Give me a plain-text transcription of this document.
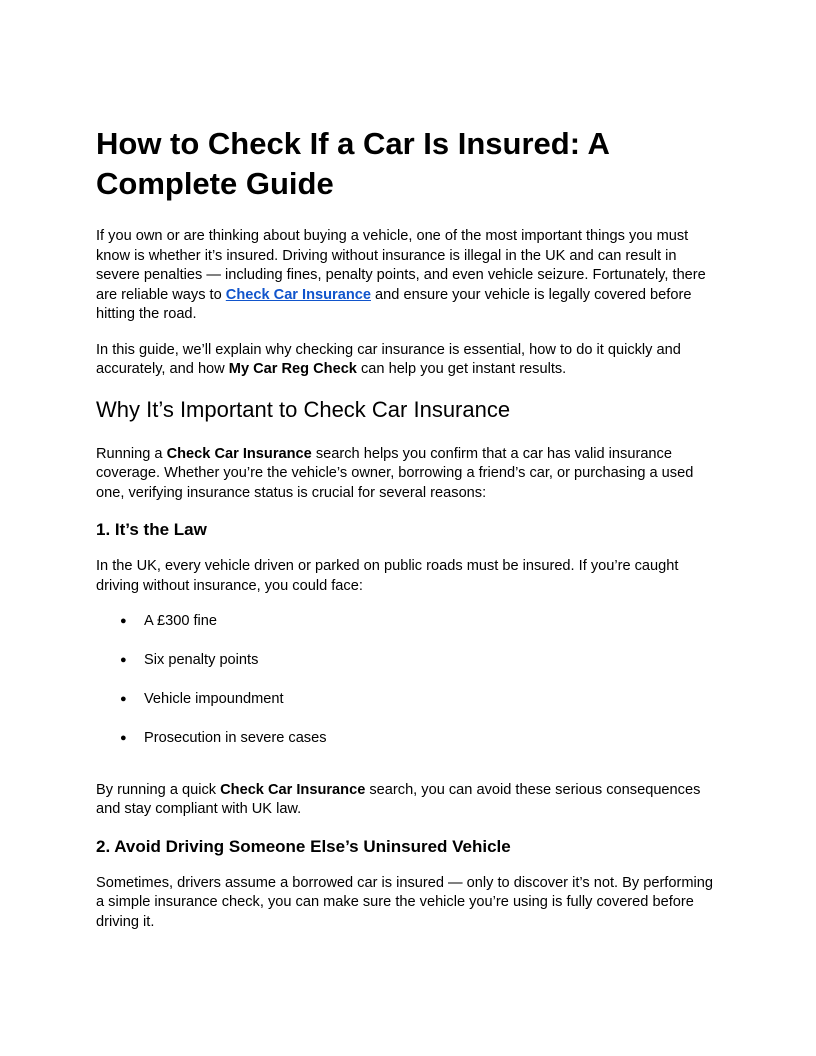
How to Check If a Car Is Insured: A Complete Guide

If you own or are thinking about buying a vehicle, one of the most important things you must know is whether it’s insured. Driving without insurance is illegal in the UK and can result in severe penalties — including fines, penalty points, and even vehicle seizure. Fortunately, there are reliable ways to Check Car Insurance and ensure your vehicle is legally covered before hitting the road.

In this guide, we’ll explain why checking car insurance is essential, how to do it quickly and accurately, and how My Car Reg Check can help you get instant results.

Why It’s Important to Check Car Insurance

Running a Check Car Insurance search helps you confirm that a car has valid insurance coverage. Whether you’re the vehicle’s owner, borrowing a friend’s car, or purchasing a used one, verifying insurance status is crucial for several reasons:

1. It’s the Law

In the UK, every vehicle driven or parked on public roads must be insured. If you’re caught driving without insurance, you could face:

● A £300 fine
● Six penalty points
● Vehicle impoundment
● Prosecution in severe cases

By running a quick Check Car Insurance search, you can avoid these serious consequences and stay compliant with UK law.

2. Avoid Driving Someone Else’s Uninsured Vehicle

Sometimes, drivers assume a borrowed car is insured — only to discover it’s not. By performing a simple insurance check, you can make sure the vehicle you’re using is fully covered before driving it.
